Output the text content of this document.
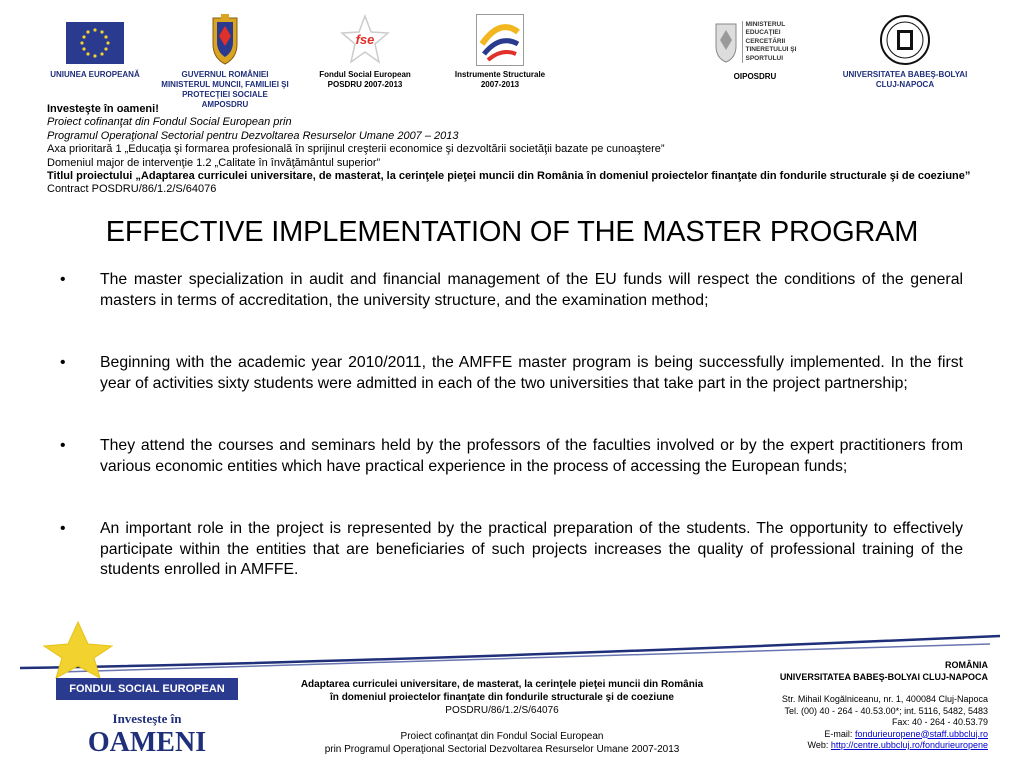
UNIUNEA EUROPEANĂ	GUVERNUL ROMÂNIEI
MINISTERUL MUNCII, FAMILIEI ŞI
PROTECŢIEI SOCIALE
AMPOSDRU
fse
Fondul Social European
POSDRU 2007-2013
Instrumente Structurale
2007-2013
MINISTERUL EDUCAŢIEI CERCETĂRII TINERETULUI ŞI SPORTULUI
OIPOSDRU	UNIVERSITATEA BABEŞ-BOLYAI
CLUJ-NAPOCA
Investeşte în oameni!
Proiect cofinanţat din Fondul Social European prin
Programul Operaţional Sectorial pentru Dezvoltarea Resurselor Umane 2007 – 2013
Axa prioritară 1 „Educaţia şi formarea profesională în sprijinul creşterii economice şi dezvoltării societăţii bazate pe cunoaştere”
Domeniul major de intervenţie 1.2 „Calitate în învăţământul superior”
Titlul proiectului „Adaptarea curriculei universitare, de masterat, la cerinţele pieţei muncii din România în domeniul proiectelor finanţate din fondurile structurale şi de coeziune”
Contract POSDRU/86/1.2/S/64076
EFFECTIVE IMPLEMENTATION OF THE MASTER PROGRAM
• The master specialization in audit and financial management of the EU funds will respect the conditions of the general masters in terms of accreditation, the university structure, and the examination method;
• Beginning with the academic year 2010/2011, the AMFFE master program is being successfully implemented. In the first year of activities sixty students were admitted in each of the two universities that take part in the project partnership;
• They attend the courses and seminars held by the professors of the faculties involved or by the expert practitioners from various economic entities which have practical experience in the process of accessing the European funds;
• An important role in the project is represented by the practical preparation of the students. The opportunity to effectively participate within the entities that are beneficiaries of such projects increases the quality of professional training of the students enrolled in AMFFE.
FONDUL SOCIAL EUROPEAN
Investeşte în
OAMENI
Adaptarea curriculei universitare, de masterat, la cerinţele pieţei muncii din România
în domeniul proiectelor finanţate din fondurile structurale şi de coeziune
POSDRU/86/1.2/S/64076
Proiect cofinanţat din Fondul Social European
prin Programul Operaţional Sectorial Dezvoltarea Resurselor Umane 2007-2013
ROMÂNIA
UNIVERSITATEA BABEŞ-BOLYAI CLUJ-NAPOCA
Str. Mihail Kogălniceanu, nr. 1, 400084 Cluj-Napoca
Tel. (00) 40 - 264 - 40.53.00*; int. 5116, 5482, 5483
Fax: 40 - 264 - 40.53.79
E-mail: fondurieuropene@staff.ubbcluj.ro
Web: http://centre.ubbcluj.ro/fondurieuropene
